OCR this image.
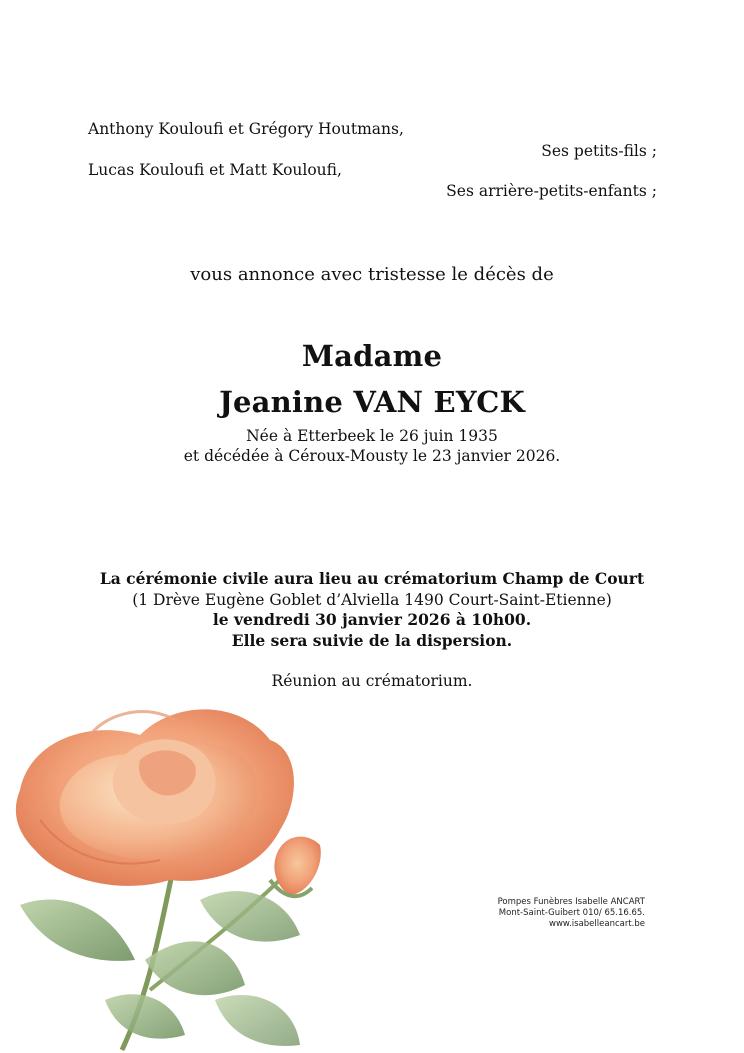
Anthony Kouloufi et Grégory Houtmans,
Ses petits-fils ;
Lucas Kouloufi et Matt Kouloufi,
Ses arrière-petits-enfants ;
vous annonce avec tristesse le décès de
Madame
Jeanine VAN EYCK
Née à Etterbeek le 26 juin 1935
et décédée à Céroux-Mousty le 23 janvier 2026.
La cérémonie civile aura lieu au crématorium Champ de Court
(1 Drève Eugène Goblet d’Alviella 1490 Court-Saint-Etienne)
le vendredi 30 janvier 2026 à 10h00.
Elle sera suivie de la dispersion.
Réunion au crématorium.
Pompes Funèbres Isabelle ANCART
Mont-Saint-Guibert 010/ 65.16.65.
www.isabelleancart.be
